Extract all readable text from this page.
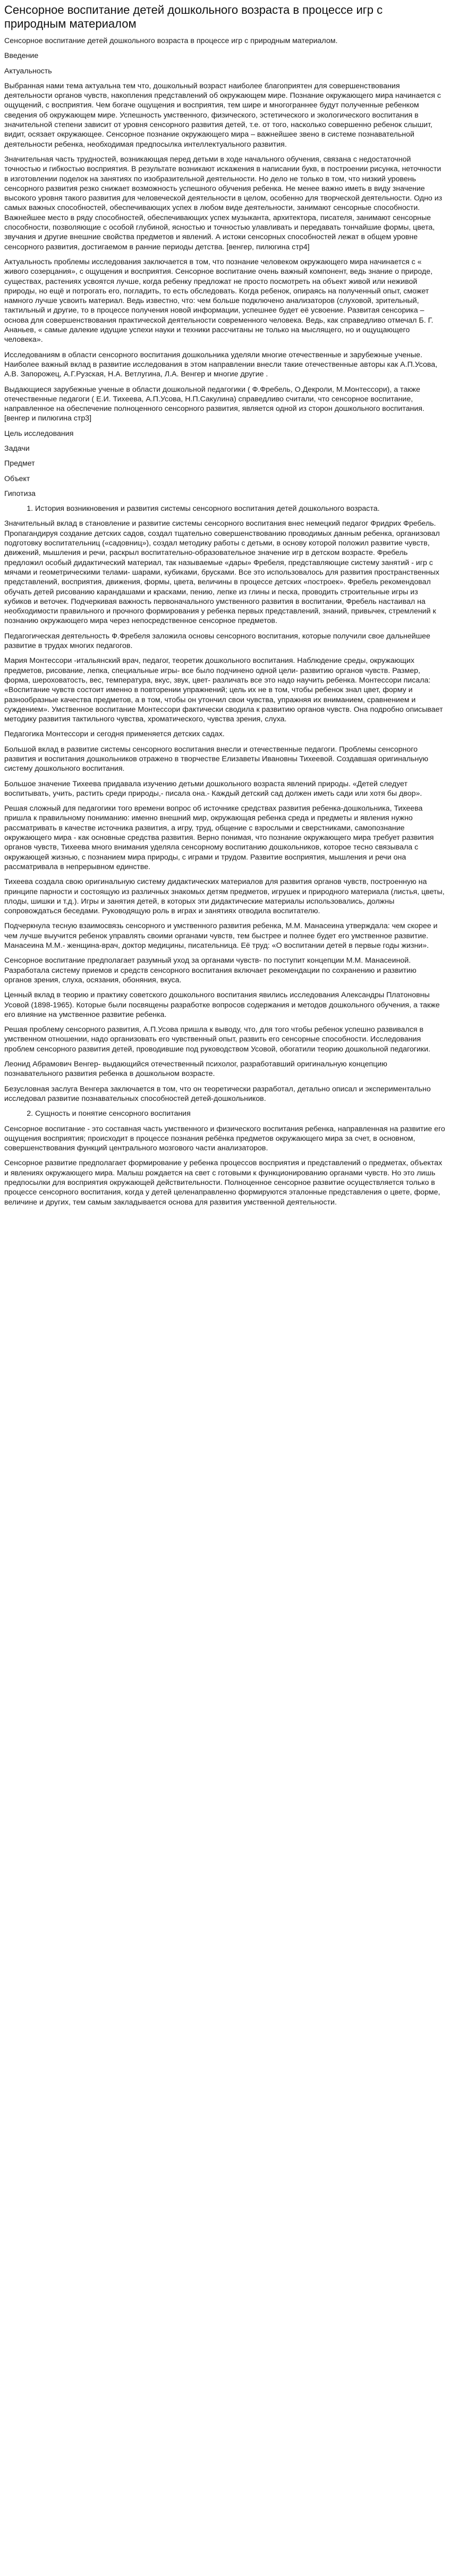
Сенсорное воспитание детей дошкольного возраста в процессе игр с природным материалом

Сенсорное воспитание детей дошкольного возраста в процессе игр с природным материалом.

Введение

Актуальность

Выбранная нами тема актуальна тем что, дошкольный возраст наиболее благоприятен для совершенствования деятельности органов чувств, накопления представлений об окружающем мире. Познание окружающего мира начинается с ощущений, с восприятия. Чем богаче ощущения и восприятия, тем шире и многограннее будут полученные ребенком сведения об окружающем мире. Успешность умственного, физического, эстетического и экологического воспитания в значительной степени зависит от уровня сенсорного развития детей, т.е. от того, насколько совершенно ребенок слышит, видит, осязает окружающее. Сенсорное познание окружающего мира – важнейшее звено в системе познавательной деятельности ребенка, необходимая предпосылка интеллектуального развития.

Значительная часть трудностей, возникающая перед детьми в ходе начального обучения, связана с недостаточной точностью и гибкостью восприятия. В результате возникают искажения в написании букв, в построении рисунка, неточности в изготовлении поделок на занятиях по изобразительной деятельности. Но дело не только в том, что низкий уровень сенсорного развития резко снижает возможность успешного обучения ребенка. Не менее важно иметь в виду значение высокого уровня такого развития для человеческой деятельности в целом, особенно для творческой деятельности. Одно из самых важных способностей, обеспечивающих успех в любом виде деятельности, занимают сенсорные способности. Важнейшее место в ряду способностей, обеспечивающих успех музыканта, архитектора, писателя, занимают сенсорные способности, позволяющие с особой глубиной, ясностью и точностью улавливать и передавать тончайшие формы, цвета, звучания и другие внешние свойства предметов и явлений. А истоки сенсорных способностей лежат в общем уровне сенсорного развития, достигаемом в ранние периоды детства. [венгер, пилюгина стр4]

Актуальность проблемы исследования заключается в том, что познание человеком окружающего мира начинается с « живого созерцания», с ощущения и восприятия. Сенсорное воспитание очень важный компонент, ведь знание о природе, существах, растениях усвоятся лучше, когда ребенку предложат не просто посмотреть на объект живой или неживой природы, но ещё и потрогать его, погладить, то есть обследовать. Когда ребенок, опираясь на полученный опыт, сможет намного лучше усвоить материал. Ведь известно, что: чем больше подключено анализаторов (слуховой, зрительный, тактильный и другие, то в процессе получения новой информации, успешнее будет её усвоение. Развитая сенсорика – основа для совершенствования практической деятельности современного человека. Ведь, как справедливо отмечал Б. Г. Ананьев, « самые далекие идущие успехи науки и техники рассчитаны не только на мыслящего, но и ощущающего человека».

Исследованиям в области сенсорного воспитания дошкольника уделяли многие отечественные и зарубежные ученые. Наиболее важный вклад в развитие исследования в этом направлении внесли такие отечественные авторы как А.П.Усова, А.В. Запорожец, А.Г.Рузская, Н.А. Ветлугина, Л.А. Венгер и многие другие .

Выдающиеся зарубежные ученые в области дошкольной педагогики ( Ф.Фребель, О.Декроли, М.Монтессори), а также отечественные педагоги ( Е.И. Тихеева, А.П.Усова, Н.П.Сакулина) справедливо считали, что сенсорное воспитание, направленное на обеспечение полноценного сенсорного развития, является одной из сторон дошкольного воспитания.[венгер и пилюгина стр3]

Цель исследования

Задачи

Предмет

Объект

Гипотиза

1. История возникновения и развития системы сенсорного воспитания детей дошкольного возраста.

Значительный вклад в становление и развитие системы сенсорного воспитания внес немецкий педагог Фридрих Фребель. Пропагандируя создание детских садов, создал тщательно совершенствованию проводимых данным ребенка, организовал подготовку воспитательниц («садовниц»), создал методику работы с детьми, в основу которой положил развитие чувств, движений, мышления и речи, раскрыл воспитательно-образовательное значение игр в детском возрасте. Фребель предложил особый дидактический материал, так называемые «дары» Фребеля, представляющие систему занятий - игр с мячами и геометрическими телами- шарами, кубиками, брусками. Все это использовалось для развития пространственных представлений, восприятия, движения, формы, цвета, величины в процессе детских «построек». Фребель рекомендовал обучать детей рисованию карандашами и красками, пению, лепке из глины и песка, проводить строительные игры из кубиков и веточек. Подчеркивая важность первоначального умственного развития в воспитании, Фребель настаивал на необходимости правильного и прочного формирования у ребенка первых представлений, знаний, привычек, стремлений к познанию окружающего мира через непосредственное сенсорное предметов.

Педагогическая деятельность Ф.Фребеля заложила основы сенсорного воспитания, которые получили свое дальнейшее развитие в трудах многих педагогов.

Мария Монтессори -итальянский врач, педагог, теоретик дошкольного воспитания. Наблюдение среды, окружающих предметов, рисование, лепка, специальные игры- все было подчинено одной цели- развитию органов чувств. Размер, форма, шероховатость, вес, температура, вкус, звук, цвет- различать все это надо научить ребенка. Монтессори писала: «Воспитание чувств состоит именно в повторении упражнений; цель их не в том, чтобы ребенок знал цвет, форму и разнообразные качества предметов, а в том, чтобы он утончил свои чувства, упражняя их вниманием, сравнением и суждением». Умственное воспитание Монтессори фактически сводила к развитию органов чувств. Она подробно описывает методику развития тактильного чувства, хроматического, чувства зрения, слуха.

Педагогика Монтессори и сегодня применяется детских садах.

Большой вклад в развитие системы сенсорного воспитания внесли и отечественные педагоги. Проблемы сенсорного развития и воспитания дошкольников отражено в творчестве Елизаветы Ивановны Тихеевой. Создавшая оригинальную систему дошкольного воспитания.

Большое значение Тихеева придавала изучению детьми дошкольного возраста явлений природы. «Детей следует воспитывать, учить, растить среди природы,- писала она.- Каждый детский сад должен иметь сади или хотя бы двор».

Решая сложный для педагогики того времени вопрос об источнике средствах развития ребенка-дошкольника, Тихеева пришла к правильному пониманию: именно внешний мир, окружающая ребенка среда и предметы и явления нужно рассматривать в качестве источника развития, а игру, труд, общение с взрослыми и сверстниками, самопознание окружающего мира - как основные средства развития. Верно понимая, что познание окружающего мира требует развития органов чувств, Тихеева много внимания уделяла сенсорному воспитанию дошкольников, которое тесно связывала с окружающей жизнью, с познанием мира природы, с играми и трудом. Развитие восприятия, мышления и речи она рассматривала в непрерывном единстве.

Тихеева создала свою оригинальную систему дидактических материалов для развития органов чувств, построенную на принципе парности и состоящую из различных знакомых детям предметов, игрушек и природного материала (листья, цветы, плоды, шишки и т.д.). Игры и занятия детей, в которых эти дидактические материалы использовались, должны сопровождаться беседами. Руководящую роль в играх и занятиях отводила воспитателю.

Подчеркнула тесную взаимосвязь сенсорного и умственного развития ребенка, М.М. Манасеина утверждала: чем скорее и чем лучше выучится ребенок управлять своими органами чувств, тем быстрее и полнее будет его умственное развитие. Манасеина М.М.- женщина-врач, доктор медицины, писательница. Её труд: «О воспитании детей в первые годы жизни».

Сенсорное воспитание предполагает разумный уход за органами чувств- по поступит концепции М.М. Манасеиной. Разработала систему приемов и средств сенсорного воспитания включает рекомендации по сохранению и развитию органов зрения, слуха, осязания, обоняния, вкуса.

Ценный вклад в теорию и практику советского дошкольного воспитания явились исследования Александры Платоновны Усовой (1898-1965). Которые были посвящены разработке вопросов содержания и методов дошкольного обучения, а также его влияние на умственное развитие ребенка.

Решая проблему сенсорного развития, А.П.Усова пришла к выводу, что, для того чтобы ребенок успешно развивался в умственном отношении, надо организовать его чувственный опыт, развить его сенсорные способности. Исследования проблем сенсорного развития детей, проводившие под руководством Усовой, обогатили теорию дошкольной педагогики.

Леонид Абрамович Венгер- выдающийся отечественный психолог, разработавший оригинальную концепцию познавательного развития ребенка в дошкольном возрасте.

Безусловная заслуга Венгера заключается в том, что он теоретически разработал, детально описал и экспериментально исследовал развитие познавательных способностей детей-дошкольников.

2. Сущность и понятие сенсорного воспитания

Сенсорное воспитание - это составная часть умственного и физического воспитания ребенка, направленная на развитие его ощущения восприятия; происходит в процессе познания ребёнка предметов окружающего мира за счет, в основном, совершенствования функций центрального мозгового части анализаторов.

Сенсорное развитие предполагает формирование у ребенка процессов восприятия и представлений о предметах, объектах и явлениях окружающего мира. Малыш рождается на свет с готовыми к функционированию органами чувств. Но это лишь предпосылки для восприятия окружающей действительности. Полноценное сенсорное развитие осуществляется только в процессе сенсорного воспитания, когда у детей целенаправленно формируются эталонные представления о цвете, форме, величине и других, тем самым закладывается основа для развития умственной деятельности.
